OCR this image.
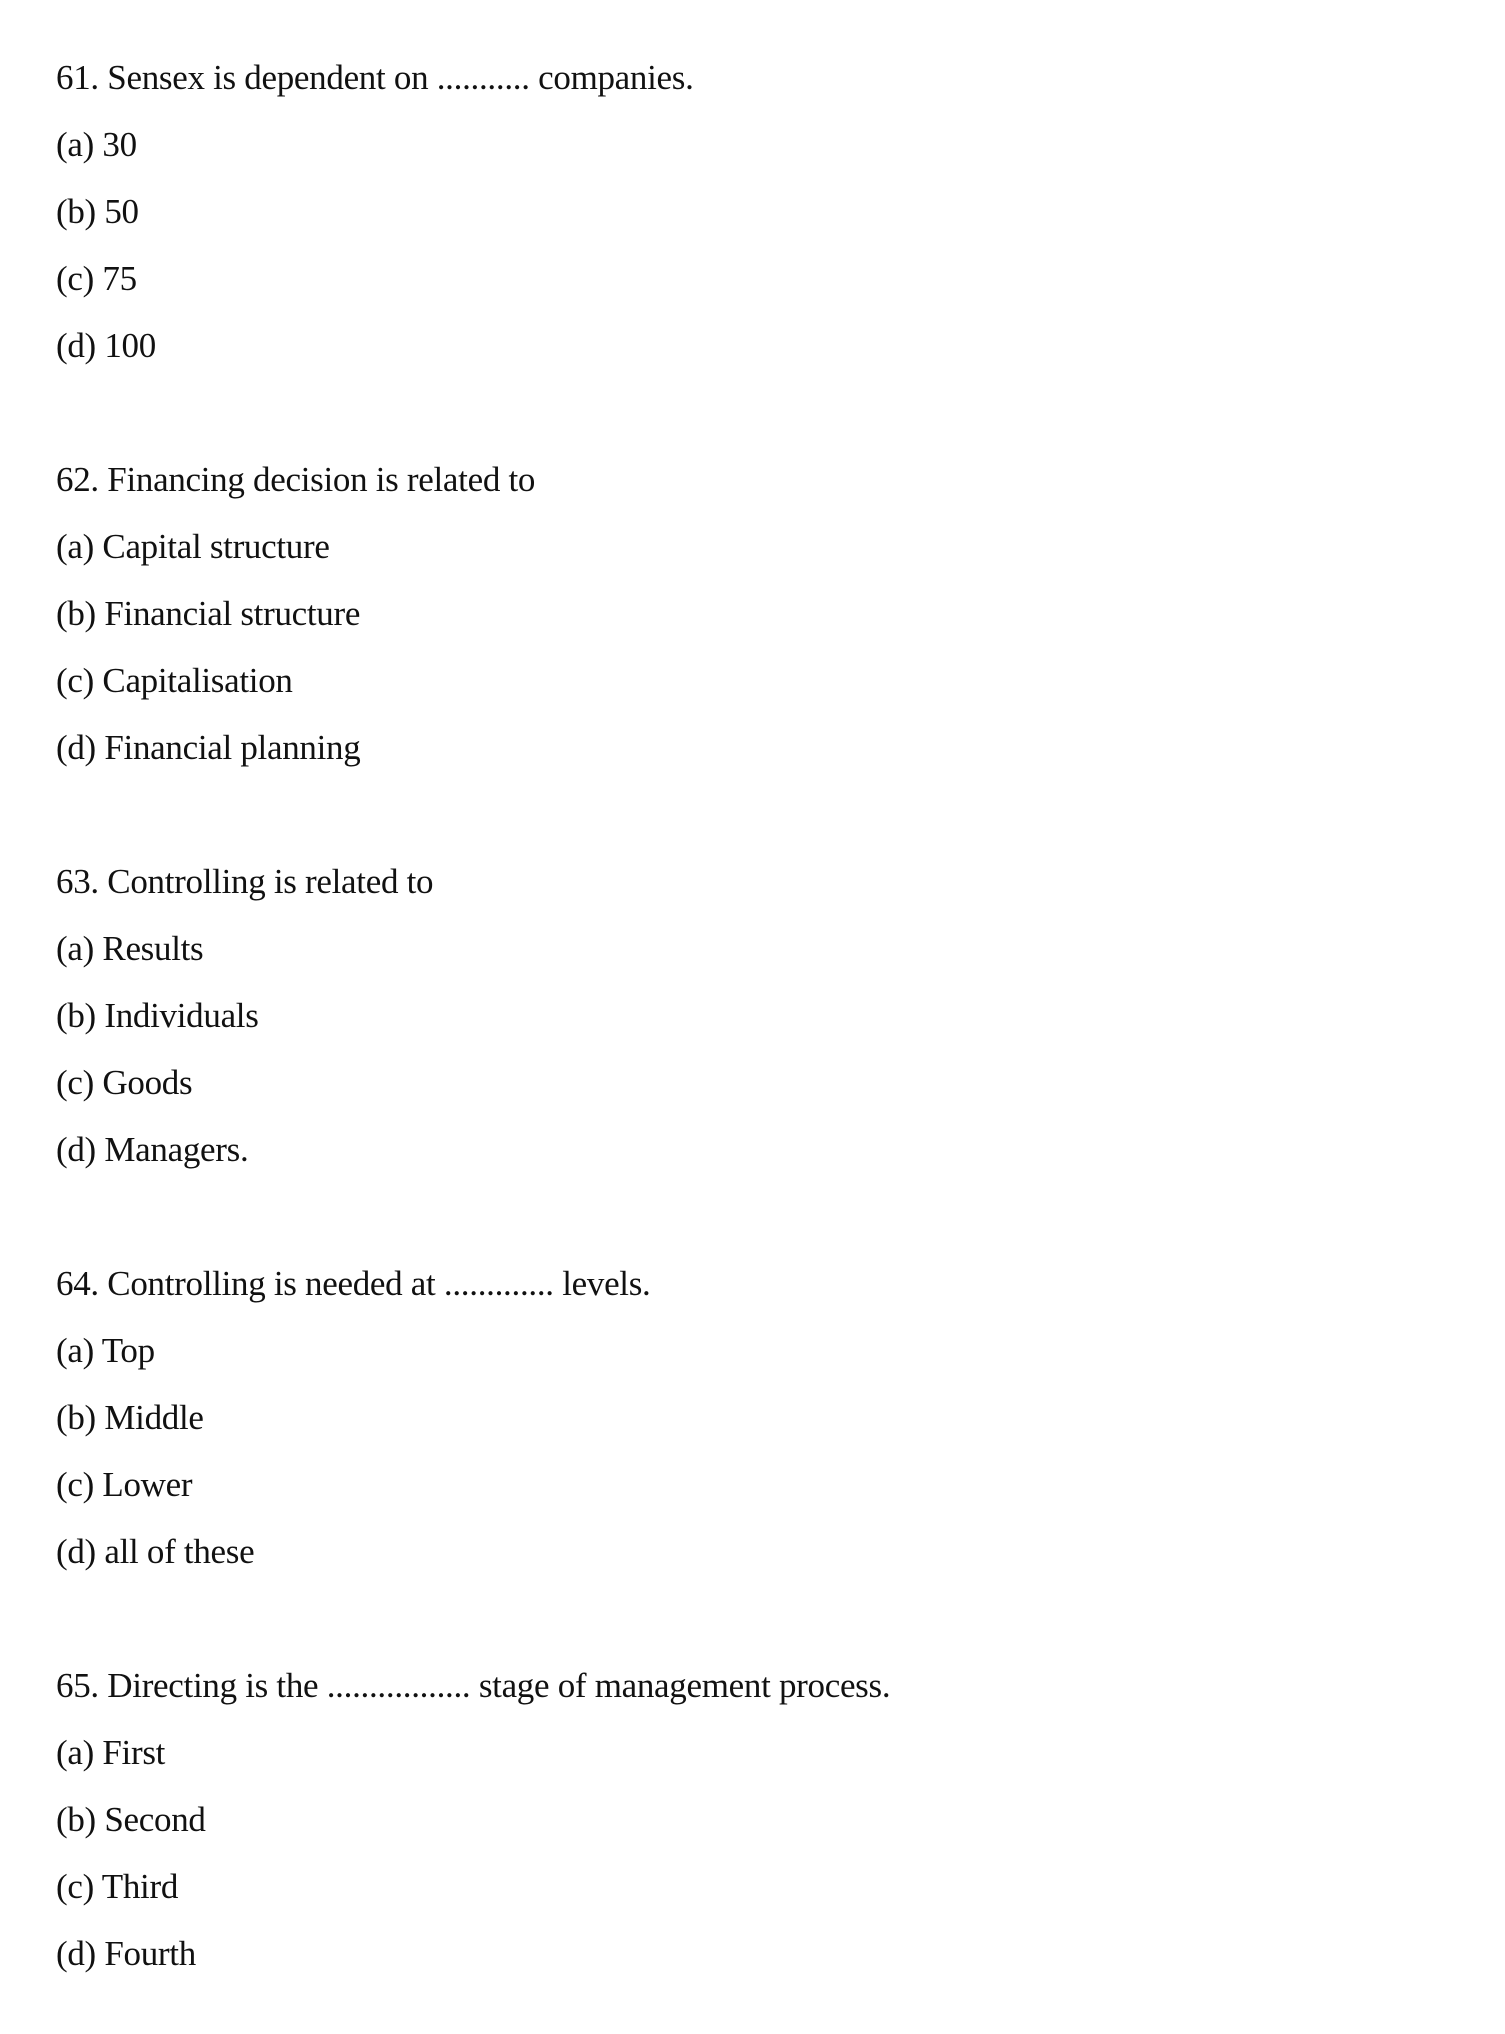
61. Sensex is dependent on ........... companies.
(a) 30
(b) 50
(c) 75
(d) 100
62. Financing decision is related to
(a) Capital structure
(b) Financial structure
(c) Capitalisation
(d) Financial planning
63. Controlling is related to
(a) Results
(b) Individuals
(c) Goods
(d) Managers.
64. Controlling is needed at ............. levels.
(a) Top
(b) Middle
(c) Lower
(d) all of these
65. Directing is the ................. stage of management process.
(a) First
(b) Second
(c) Third
(d) Fourth
